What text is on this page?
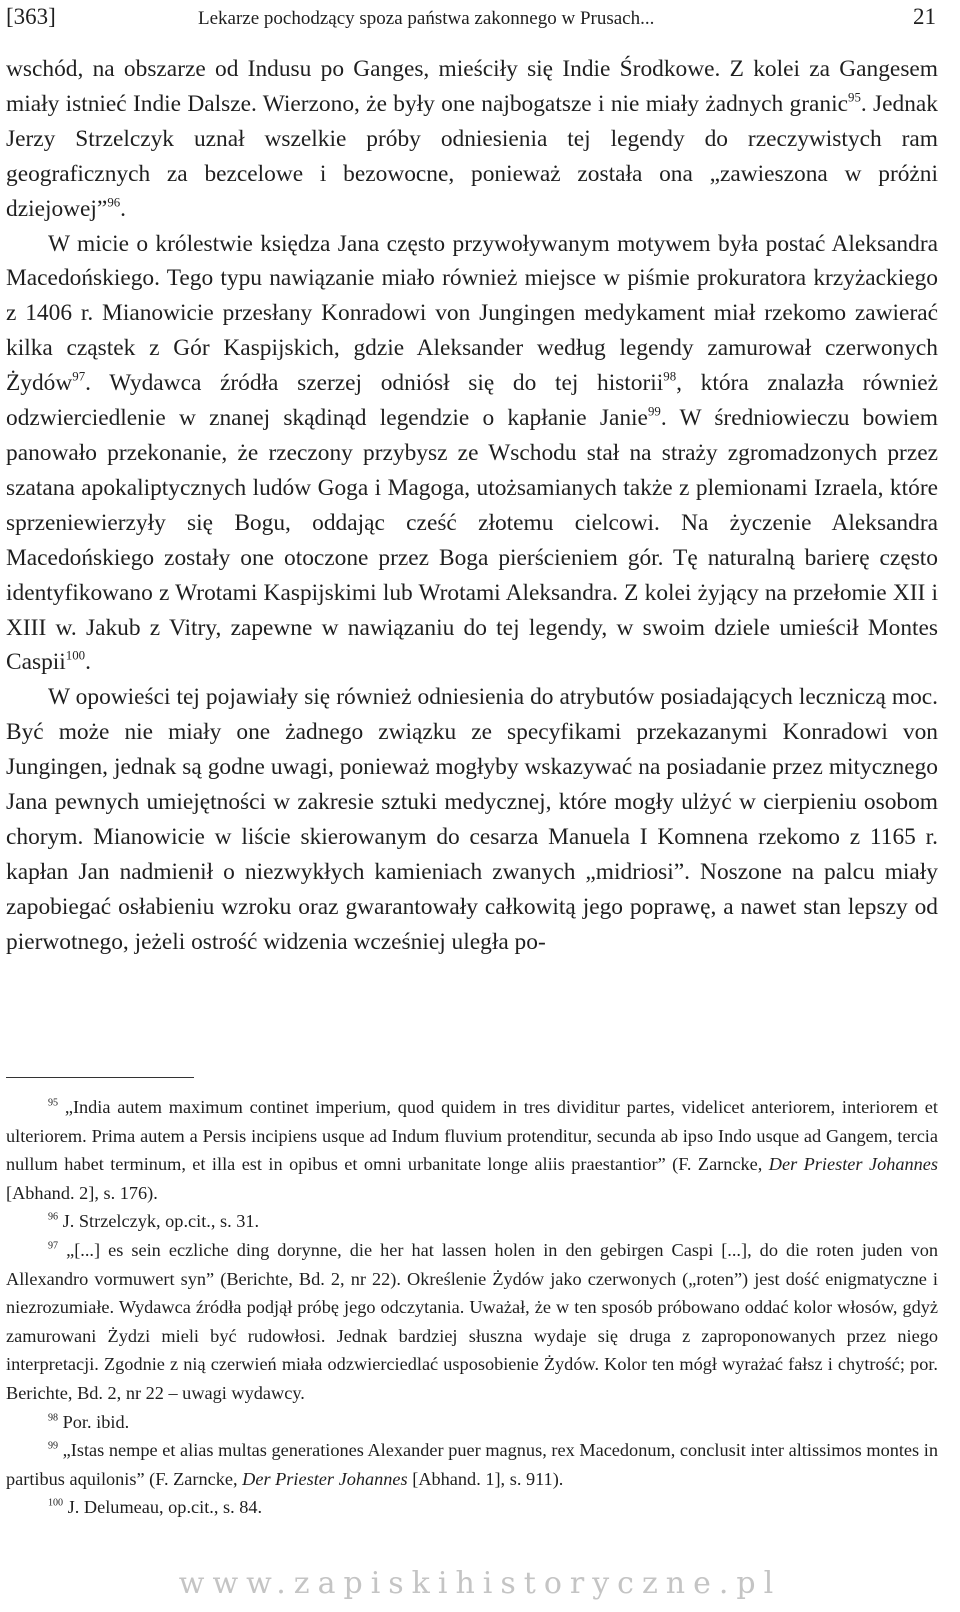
[363]	Lekarze pochodzący spoza państwa zakonnego w Prusach...	21

wschód, na obszarze od Indusu po Ganges, mieściły się Indie Środkowe. Z kolei za Gangesem miały istnieć Indie Dalsze. Wierzono, że były one najbogatsze i nie miały żadnych granic$^{95}$. Jednak Jerzy Strzelczyk uznał wszelkie próby odniesienia tej legendy do rzeczywistych ram geograficznych za bezcelowe i bezowocne, ponieważ została ona „zawieszona w próżni dziejowej”$^{96}$.

W micie o królestwie księdza Jana często przywoływanym motywem była postać Aleksandra Macedońskiego. Tego typu nawiązanie miało również miejsce w piśmie prokuratora krzyżackiego z 1406 r. Mianowicie przesłany Konradowi von Jungingen medykament miał rzekomo zawierać kilka cząstek z Gór Kaspijskich, gdzie Aleksander według legendy zamurował czerwonych Żydów$^{97}$. Wydawca źródła szerzej odniósł się do tej historii$^{98}$, która znalazła również odzwierciedlenie w znanej skądinąd legendzie o kapłanie Janie$^{99}$. W średniowieczu bowiem panowało przekonanie, że rzeczony przybysz ze Wschodu stał na straży zgromadzonych przez szatana apokaliptycznych ludów Goga i Magoga, utożsamianych także z plemionami Izraela, które sprzeniewierzyły się Bogu, oddając cześć złotemu cielcowi. Na życzenie Aleksandra Macedońskiego zostały one otoczone przez Boga pierścieniem gór. Tę naturalną barierę często identyfikowano z Wrotami Kaspijskimi lub Wrotami Aleksandra. Z kolei żyjący na przełomie XII i XIII w. Jakub z Vitry, zapewne w nawiązaniu do tej legendy, w swoim dziele umieścił Montes Caspii$^{100}$.

W opowieści tej pojawiały się również odniesienia do atrybutów posiadających leczniczą moc. Być może nie miały one żadnego związku ze specyfikami przekazanymi Konradowi von Jungingen, jednak są godne uwagi, ponieważ mogłyby wskazywać na posiadanie przez mitycznego Jana pewnych umiejętności w zakresie sztuki medycznej, które mogły ulżyć w cierpieniu osobom chorym. Mianowicie w liście skierowanym do cesarza Manuela I Komnena rzekomo z 1165 r. kapłan Jan nadmienił o niezwykłych kamieniach zwanych „midriosi”. Noszone na palcu miały zapobiegać osłabieniu wzroku oraz gwarantowały całkowitą jego poprawę, a nawet stan lepszy od pierwotnego, jeżeli ostrość widzenia wcześniej uległa po-

$^{95}$ „India autem maximum continet imperium, quod quidem in tres dividitur partes, videlicet anteriorem, interiorem et ulteriorem. Prima autem a Persis incipiens usque ad Indum fluvium protenditur, secunda ab ipso Indo usque ad Gangem, tercia nullum habet terminum, et illa est in opibus et omni urbanitate longe aliis praestantior” (F. Zarncke, Der Priester Johannes [Abhand. 2], s. 176).

$^{96}$ J. Strzelczyk, op.cit., s. 31.

$^{97}$ „[...] es sein eczliche ding dorynne, die her hat lassen holen in den gebirgen Caspi [...], do die roten juden von Allexandro vormuwert syn” (Berichte, Bd. 2, nr 22). Określenie Żydów jako czerwonych („roten”) jest dość enigmatyczne i niezrozumiałe. Wydawca źródła podjął próbę jego odczytania. Uważał, że w ten sposób próbowano oddać kolor włosów, gdyż zamurowani Żydzi mieli być rudowłosi. Jednak bardziej słuszna wydaje się druga z zaproponowanych przez niego interpretacji. Zgodnie z nią czerwień miała odzwierciedlać usposobienie Żydów. Kolor ten mógł wyrażać fałsz i chytrość; por. Berichte, Bd. 2, nr 22 – uwagi wydawcy.

$^{98}$ Por. ibid.

$^{99}$ „Istas nempe et alias multas generationes Alexander puer magnus, rex Macedonum, conclusit inter altissimos montes in partibus aquilonis” (F. Zarncke, Der Priester Johannes [Abhand. 1], s. 911).

$^{100}$ J. Delumeau, op.cit., s. 84.

www.zapiskihistoryczne.pl
